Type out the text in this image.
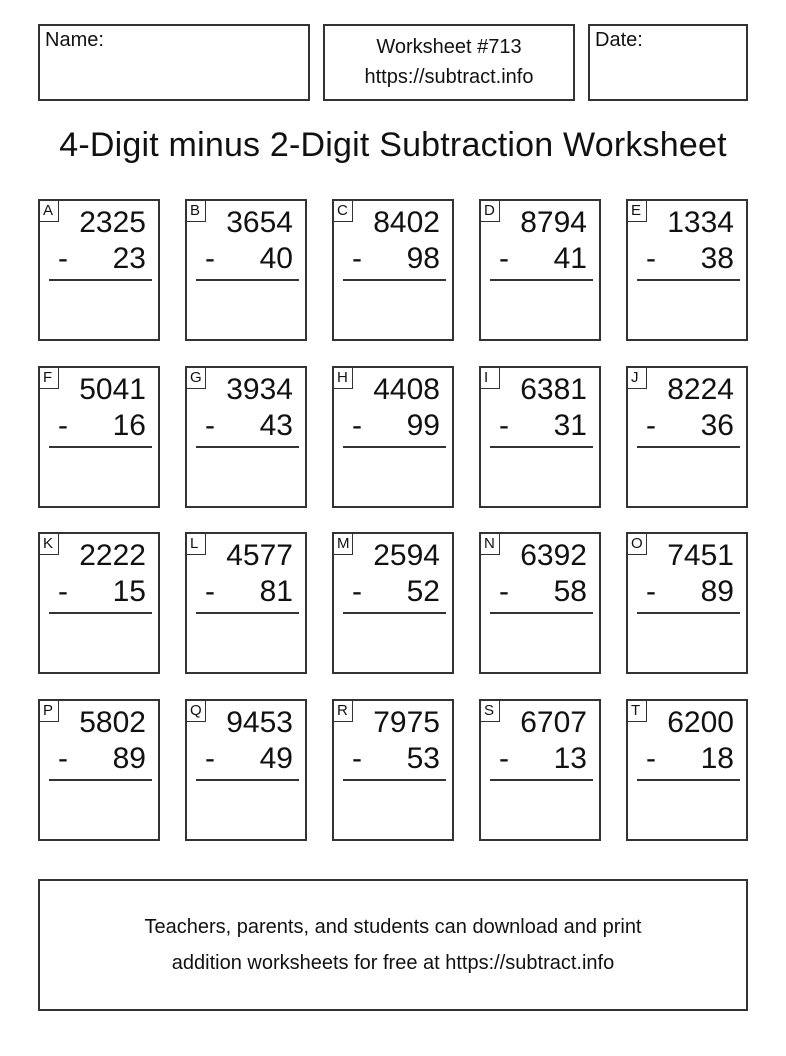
Name:	Worksheet #713
https://subtract.info
Date:
4-Digit minus 2-Digit Subtraction Worksheet
A 2325
- 23
B 3654
- 40
C 8402
- 98
D 8794
- 41
E 1334
- 38
F 5041
- 16
G 3934
- 43
H 4408
- 99
I	6381
- 31
J 8224
- 36
K 2222
- 15
L 4577
- 81
M 2594
- 52
N 6392
- 58
O 7451
- 89
P 5802
- 89
Q 9453
- 49
R 7975
- 53
S 6707
- 13
T 6200
- 18
Teachers, parents, and students can download and print
addition worksheets for free at https://subtract.info
